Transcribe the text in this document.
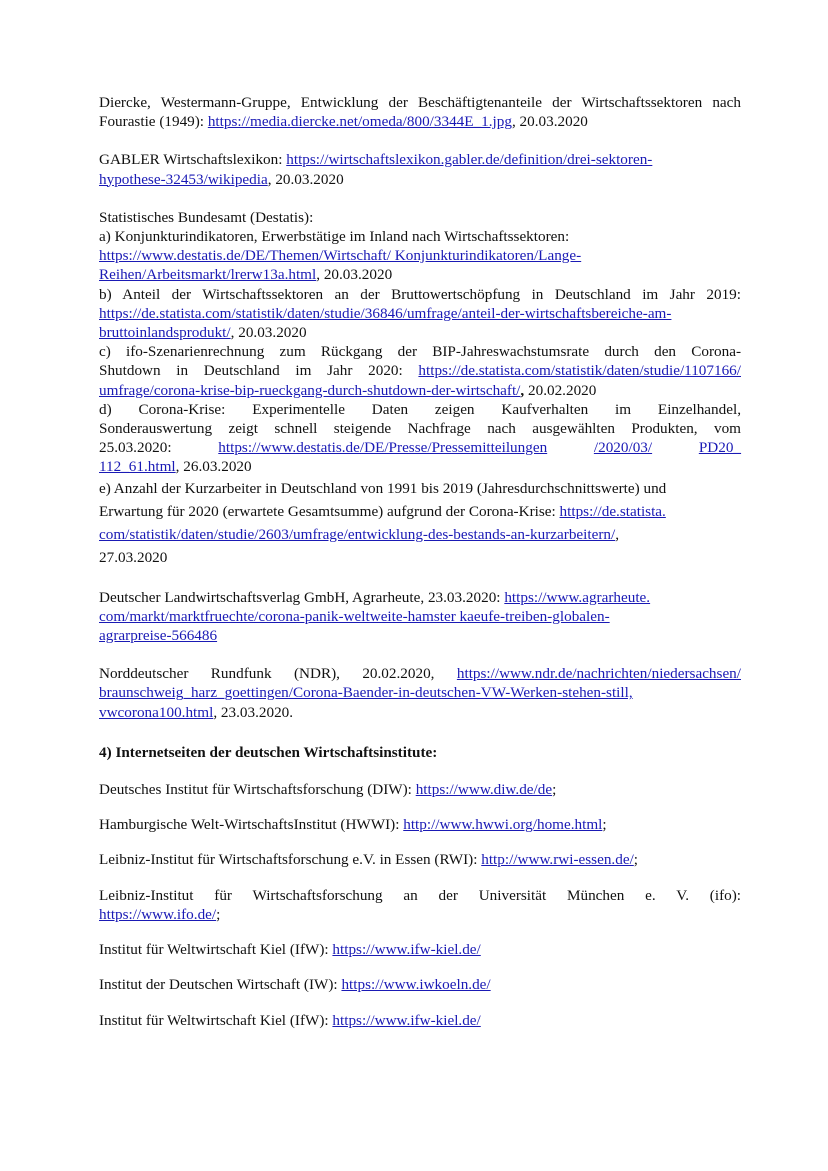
Diercke, Westermann-Gruppe, Entwicklung der Beschäftigtenanteile der Wirtschaftssektoren nach Fourastie (1949): https://media.diercke.net/omeda/800/3344E_1.jpg, 20.03.2020

GABLER Wirtschaftslexikon: https://wirtschaftslexikon.gabler.de/definition/drei-sektoren-
hypothese-32453/wikipedia, 20.03.2020

Statistisches Bundesamt (Destatis):
a) Konjunkturindikatoren, Erwerbstätige im Inland nach Wirtschaftssektoren:
https://www.destatis.de/DE/Themen/Wirtschaft/ Konjunkturindikatoren/Lange-
Reihen/Arbeitsmarkt/lrerw13a.html, 20.03.2020
b) Anteil der Wirtschaftssektoren an der Bruttowertschöpfung in Deutschland im Jahr 2019:
https://de.statista.com/statistik/daten/studie/36846/umfrage/anteil-der-wirtschaftsbereiche-am-
bruttoinlandsprodukt/, 20.03.2020
c) ifo-Szenarienrechnung zum Rückgang der BIP-Jahreswachstumsrate durch den Corona-
Shutdown in Deutschland im Jahr 2020: https://de.statista.com/statistik/daten/studie/1107166/
umfrage/corona-krise-bip-rueckgang-durch-shutdown-der-wirtschaft/, 20.02.2020
d) Corona-Krise: Experimentelle Daten zeigen Kaufverhalten im Einzelhandel,
Sonderauswertung zeigt schnell steigende Nachfrage nach ausgewählten Produkten, vom
25.03.2020:	https://www.destatis.de/DE/Presse/Pressemitteilungen	/2020/03/	PD20_
112_61.html, 26.03.2020
e) Anzahl der Kurzarbeiter in Deutschland von 1991 bis 2019 (Jahresdurchschnittswerte) und
Erwartung für 2020 (erwartete Gesamtsumme) aufgrund der Corona-Krise: https://de.statista.
com/statistik/daten/studie/2603/umfrage/entwicklung-des-bestands-an-kurzarbeitern/,
27.03.2020

Deutscher Landwirtschaftsverlag GmbH, Agrarheute, 23.03.2020: https://www.agrarheute.
com/markt/marktfruechte/corona-panik-weltweite-hamster kaeufe-treiben-globalen-
agrarpreise-566486

Norddeutscher Rundfunk (NDR), 20.02.2020, https://www.ndr.de/nachrichten/niedersachsen/
braunschweig_harz_goettingen/Corona-Baender-in-deutschen-VW-Werken-stehen-still,
vwcorona100.html, 23.03.2020.

4) Internetseiten der deutschen Wirtschaftsinstitute:

Deutsches Institut für Wirtschaftsforschung (DIW): https://www.diw.de/de;

Hamburgische Welt-WirtschaftsInstitut (HWWI): http://www.hwwi.org/home.html;

Leibniz-Institut für Wirtschaftsforschung e.V. in Essen (RWI): http://www.rwi-essen.de/;

Leibniz-Institut für Wirtschaftsforschung an der Universität München e. V. (ifo):
https://www.ifo.de/;

Institut für Weltwirtschaft Kiel (IfW): https://www.ifw-kiel.de/

Institut der Deutschen Wirtschaft (IW): https://www.iwkoeln.de/

Institut für Weltwirtschaft Kiel (IfW): https://www.ifw-kiel.de/
